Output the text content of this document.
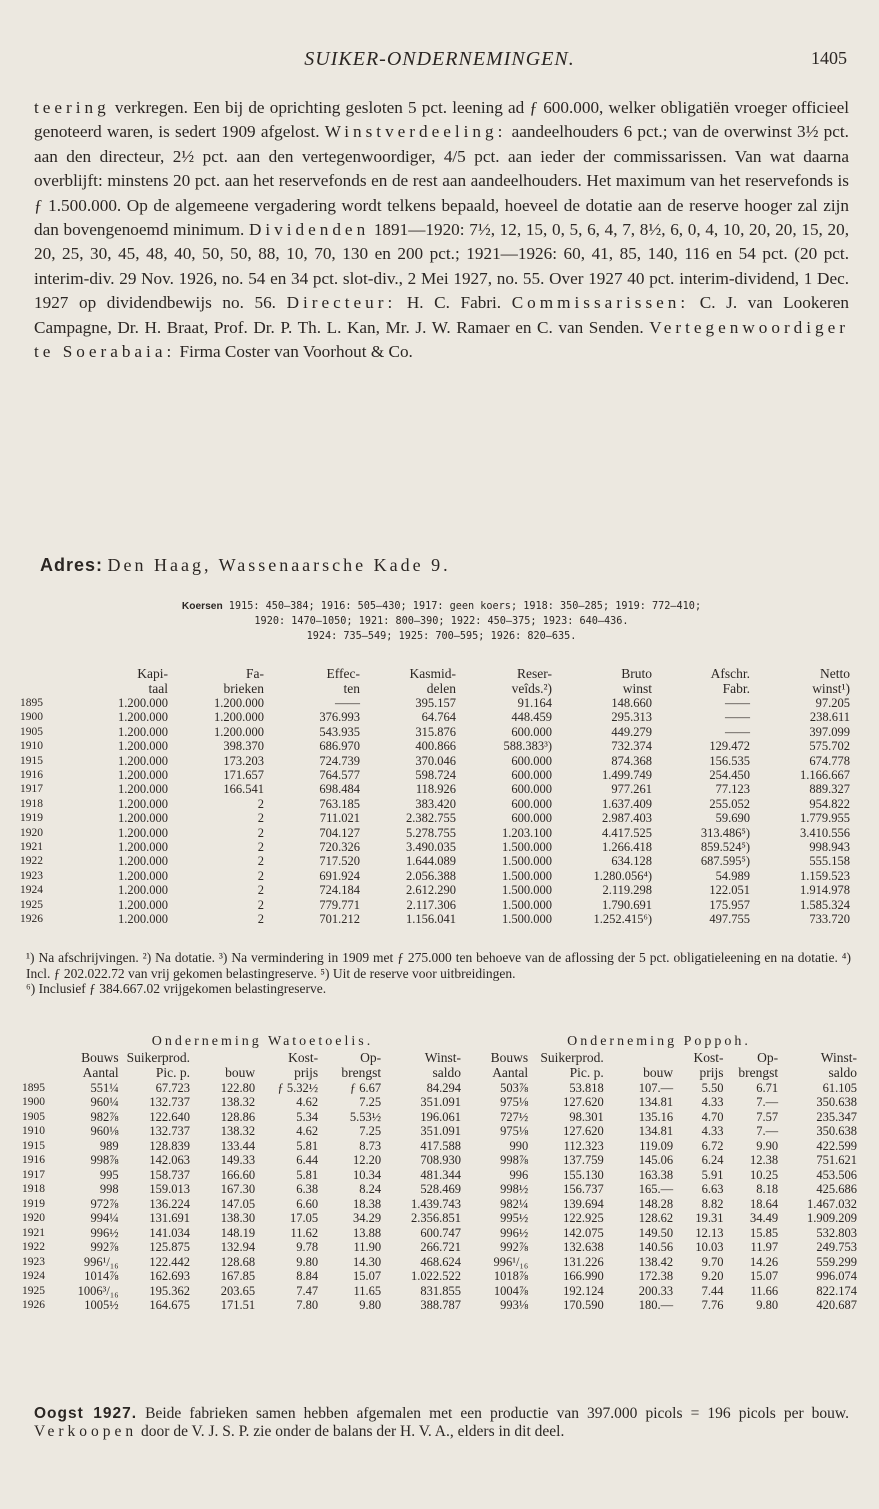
SUIKER-ONDERNEMINGEN.	1405

teering verkregen. Een bij de oprichting gesloten 5 pct. leening ad ƒ 600.000, welker obligatiën vroeger officieel genoteerd waren, is sedert 1909 afgelost. Winstverdeeling: aandeelhouders 6 pct.; van de overwinst 3½ pct. aan den directeur, 2½ pct. aan den vertegenwoordiger, 4/5 pct. aan ieder der commissarissen. Van wat daarna overblijft: minstens 20 pct. aan het reservefonds en de rest aan aandeelhouders. Het maximum van het reservefonds is ƒ 1.500.000. Op de algemeene vergadering wordt telkens bepaald, hoeveel de dotatie aan de reserve hooger zal zijn dan bovengenoemd minimum. Dividenden 1891—1920: 7½, 12, 15, 0, 5, 6, 4, 7, 8½, 6, 0, 4, 10, 20, 20, 15, 20, 20, 25, 30, 45, 48, 40, 50, 50, 88, 10, 70, 130 en 200 pct.; 1921—1926: 60, 41, 85, 140, 116 en 54 pct. (20 pct. interim-div. 29 Nov. 1926, no. 54 en 34 pct. slot-div., 2 Mei 1927, no. 55. Over 1927 40 pct. interim-dividend, 1 Dec. 1927 op dividendbewijs no. 56. Directeur: H. C. Fabri. Commissarissen: C. J. van Lookeren Campagne, Dr. H. Braat, Prof. Dr. P. Th. L. Kan, Mr. J. W. Ramaer en C. van Senden. Vertegenwoordiger te Soerabaia: Firma Coster van Voorhout & Co.

Adres: Den Haag, Wassenaarsche Kade 9.
Koersen 1915: 450—384; 1916: 505—430; 1917: geen koers; 1918: 350—285; 1919: 772—410;
1920: 1470—1050; 1921: 800—390; 1922: 450—375; 1923: 640—436.
1924: 735—549; 1925: 700—595; 1926: 820—635.
	Kapi-	Fa-	Effec-	Kasmid-	Reser-	Bruto	Afschr.	Netto
	taal	brieken	ten	delen	veîds.²)	winst	Fabr.	winst¹)
1895	1.200.000	1.200.000	——	395.157	91.164	148.660	——	97.205
1900	1.200.000	1.200.000	376.993	64.764	448.459	295.313	——	238.611
1905	1.200.000	1.200.000	543.935	315.876	600.000	449.279	——	397.099
1910	1.200.000	398.370	686.970	400.866	588.383³)	732.374	129.472	575.702
1915	1.200.000	173.203	724.739	370.046	600.000	874.368	156.535	674.778
1916	1.200.000	171.657	764.577	598.724	600.000	1.499.749	254.450	1.166.667
1917	1.200.000	166.541	698.484	118.926	600.000	977.261	77.123	889.327
1918	1.200.000	2	763.185	383.420	600.000	1.637.409	255.052	954.822
1919	1.200.000	2	711.021	2.382.755	600.000	2.987.403	59.690	1.779.955
1920	1.200.000	2	704.127	5.278.755	1.203.100	4.417.525	313.486⁵)	3.410.556
1921	1.200.000	2	720.326	3.490.035	1.500.000	1.266.418	859.524⁵)	998.943
1922	1.200.000	2	717.520	1.644.089	1.500.000	634.128	687.595⁵)	555.158
1923	1.200.000	2	691.924	2.056.388	1.500.000	1.280.056⁴)	54.989	1.159.523
1924	1.200.000	2	724.184	2.612.290	1.500.000	2.119.298	122.051	1.914.978
1925	1.200.000	2	779.771	2.117.306	1.500.000	1.790.691	175.957	1.585.324
1926	1.200.000	2	701.212	1.156.041	1.500.000	1.252.415⁶)	497.755	733.720

¹) Na afschrijvingen. ²) Na dotatie. ³) Na vermindering in 1909 met ƒ 275.000 ten behoeve van de aflossing der 5 pct. obligatieleening en na dotatie. ⁴) Incl. ƒ 202.022.72 van vrij gekomen belastingreserve. ⁵) Uit de reserve voor uitbreidingen.

⁶) Inclusief ƒ 384.667.02 vrijgekomen belastingreserve.

	Onderneming Watoetoelis.						Onderneming Poppoh.					
	Bouws	Suikerprod.		Kost-	Op-	Winst-	Bouws	Suikerprod.		Kost-	Op-	Winst-
	Aantal	Pic. p.	bouw	prijs	brengst	saldo	Aantal	Pic. p.	bouw	prijs	brengst	saldo
1895	551¼	67.723	122.80	ƒ 5.32½	ƒ 6.67	84.294	503⅞	53.818	107.—	5.50	6.71	61.105
1900	960¼	132.737	138.32	4.62	7.25	351.091	975⅛	127.620	134.81	4.33	7.—	350.638
1905	982⅞	122.640	128.86	5.34	5.53½	196.061	727½	98.301	135.16	4.70	7.57	235.347
1910	960⅛	132.737	138.32	4.62	7.25	351.091	975⅛	127.620	134.81	4.33	7.—	350.638
1915	989	128.839	133.44	5.81	8.73	417.588	990	112.323	119.09	6.72	9.90	422.599
1916	998⅞	142.063	149.33	6.44	12.20	708.930	998⅞	137.759	145.06	6.24	12.38	751.621
1917	995	158.737	166.60	5.81	10.34	481.344	996	155.130	163.38	5.91	10.25	453.506
1918	998	159.013	167.30	6.38	8.24	528.469	998½	156.737	165.—	6.63	8.18	425.686
1919	972⅞	136.224	147.05	6.60	18.38	1.439.743	982¼	139.694	148.28	8.82	18.64	1.467.032
1920	994¼	131.691	138.30	17.05	34.29	2.356.851	995½	122.925	128.62	19.31	34.49	1.909.209
1921	996½	141.034	148.19	11.62	13.88	600.747	996½	142.075	149.50	12.13	15.85	532.803
1922	992⅞	125.875	132.94	9.78	11.90	266.721	992⅞	132.638	140.56	10.03	11.97	249.753
1923	996¹/₁₆	122.442	128.68	9.80	14.30	468.624	996¹/₁₆	131.226	138.42	9.70	14.26	559.299
1924	1014⅞	162.693	167.85	8.84	15.07	1.022.522	1018⅞	166.990	172.38	9.20	15.07	996.074
1925	1006³/₁₆	195.362	203.65	7.47	11.65	831.855	1004⅞	192.124	200.33	7.44	11.66	822.174
1926	1005½	164.675	171.51	7.80	9.80	388.787	993⅛	170.590	180.—	7.76	9.80	420.687
Oogst 1927. Beide fabrieken samen hebben afgemalen met een productie van 397.000 picols = 196 picols per bouw. Verkoopen door de V. J. S. P. zie onder de balans der H. V. A., elders in dit deel.
